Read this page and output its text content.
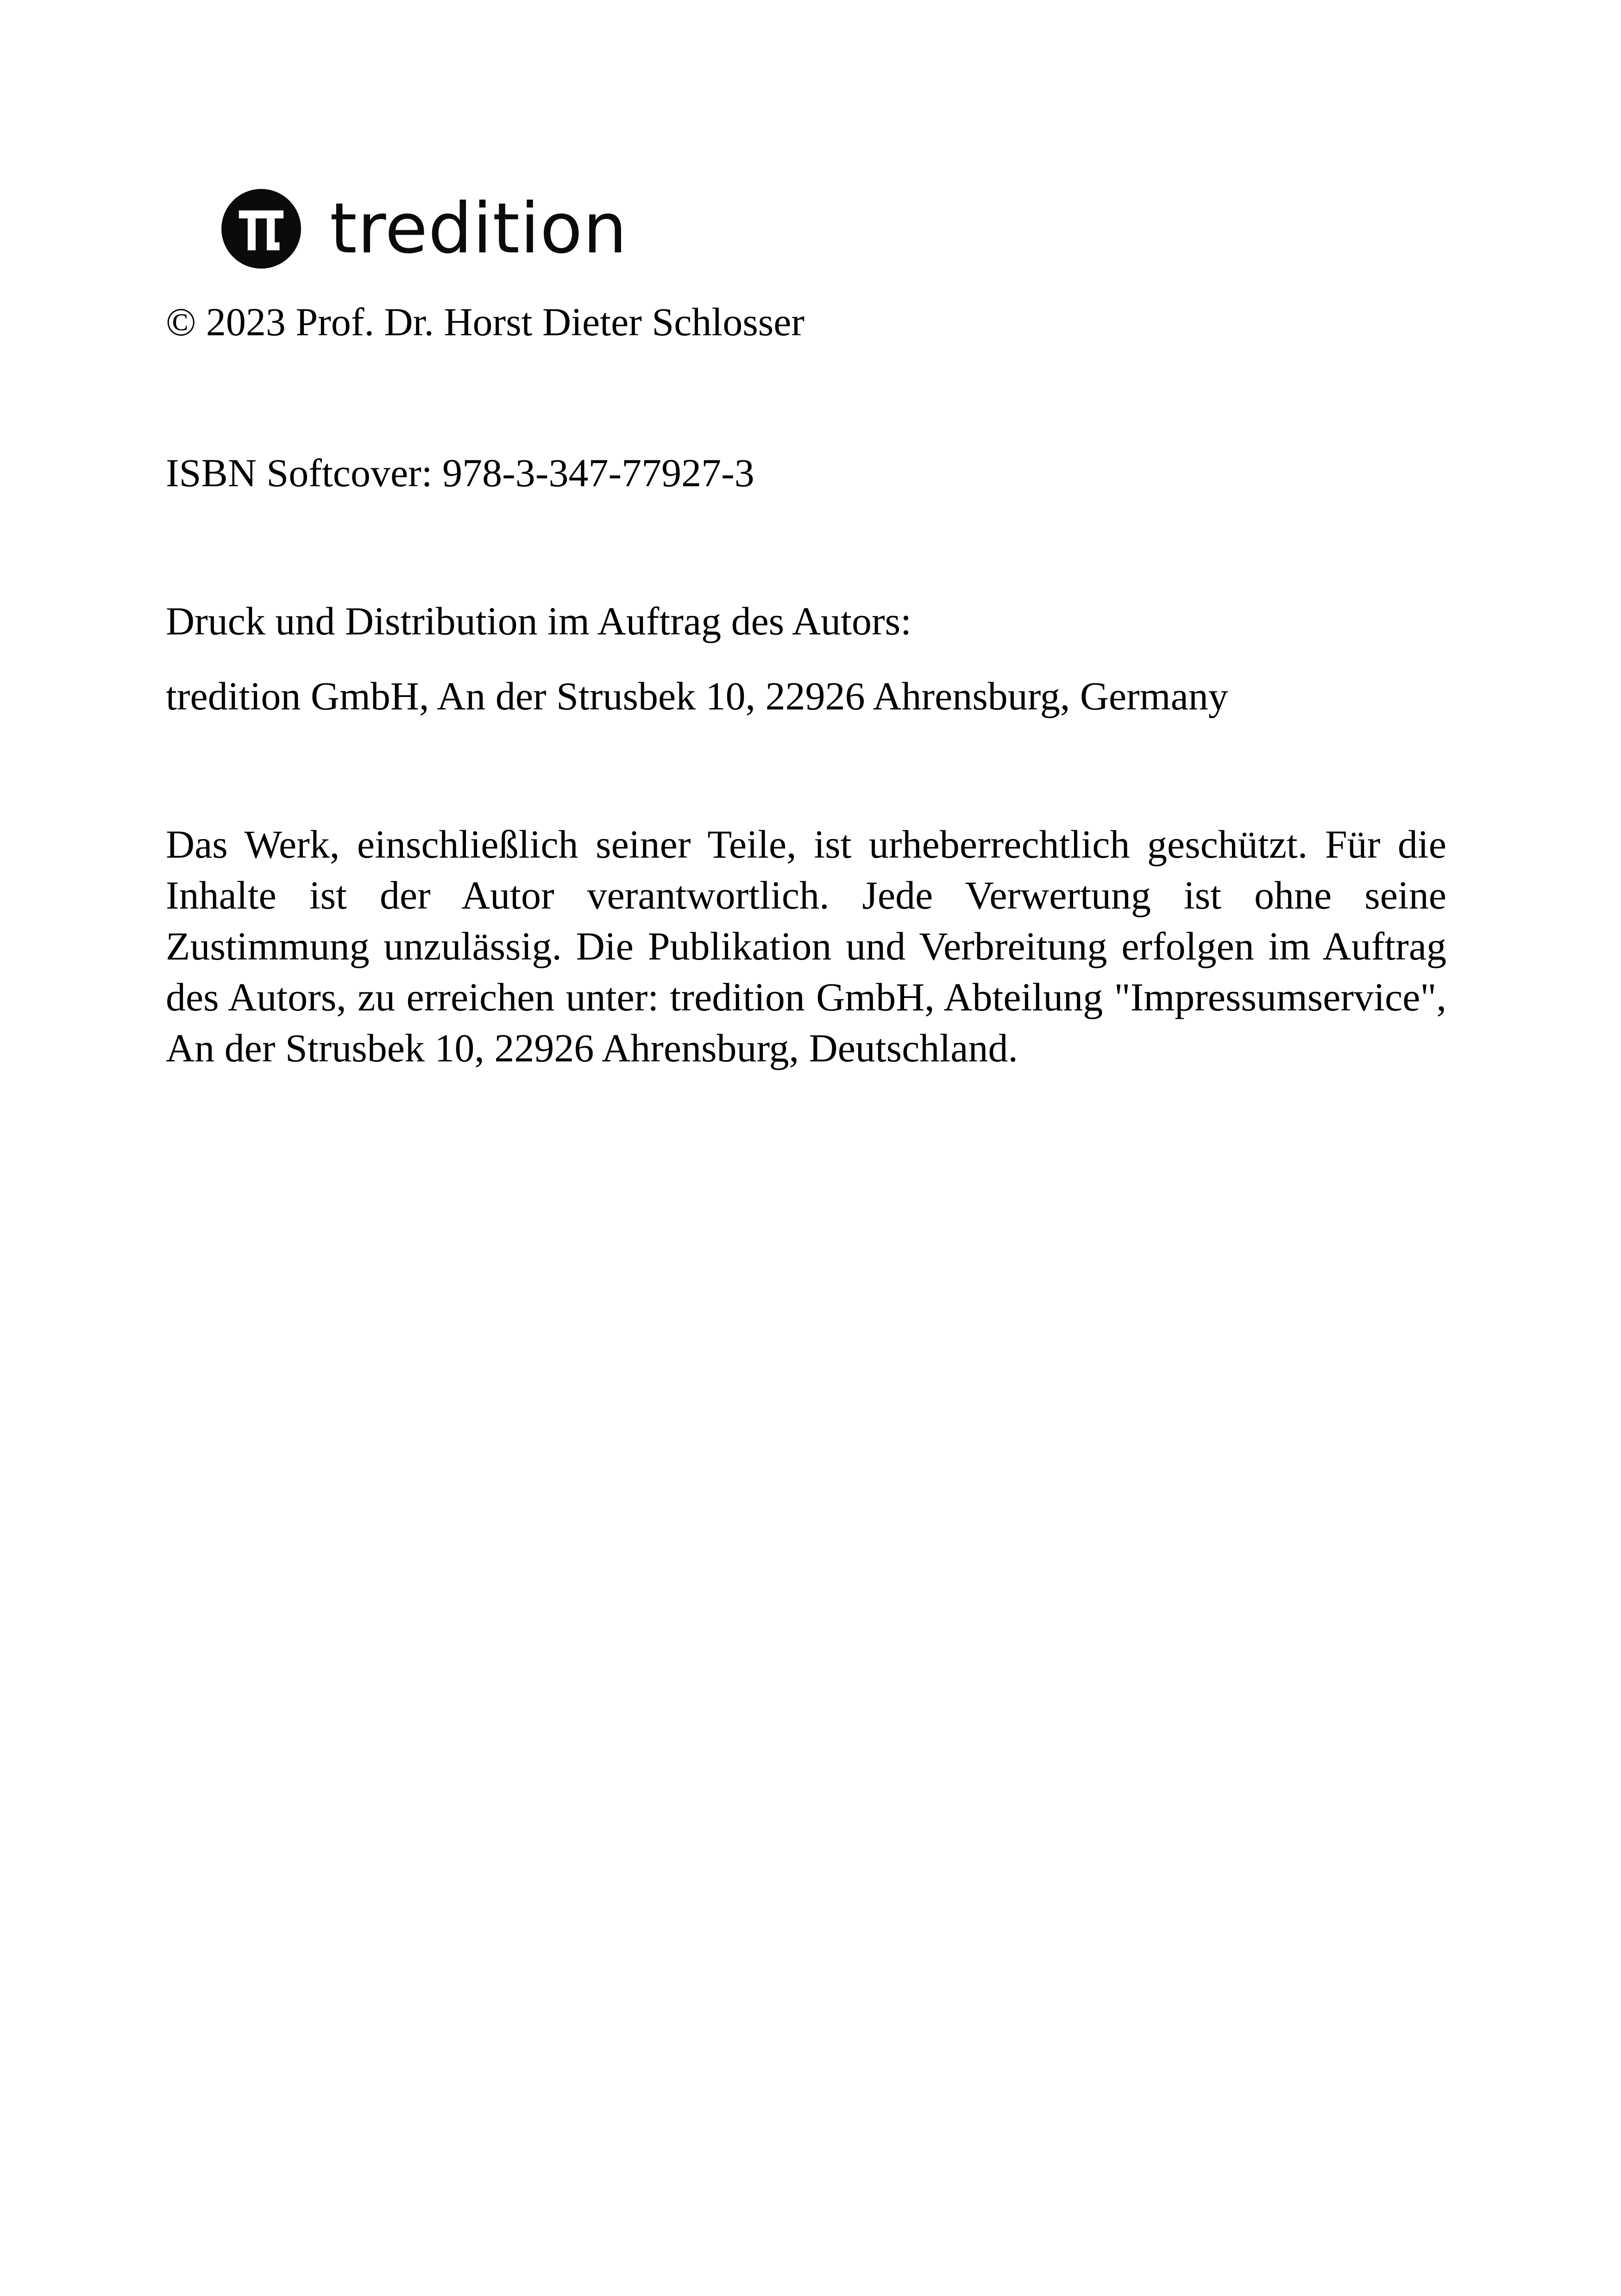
tredition

© 2023 Prof. Dr. Horst Dieter Schlosser

ISBN Softcover: 978-3-347-77927-3

Druck und Distribution im Auftrag des Autors:

tredition GmbH, An der Strusbek 10, 22926 Ahrensburg, Germany

Das Werk, einschließlich seiner Teile, ist urheberrechtlich geschützt. Für die Inhalte ist der Autor verantwortlich. Jede Verwertung ist ohne seine Zustimmung unzulässig. Die Publikation und Verbreitung erfolgen im Auftrag des Autors, zu erreichen unter: tredition GmbH, Abteilung "Impressumservice", An der Strusbek 10, 22926 Ahrensburg, Deutschland.
